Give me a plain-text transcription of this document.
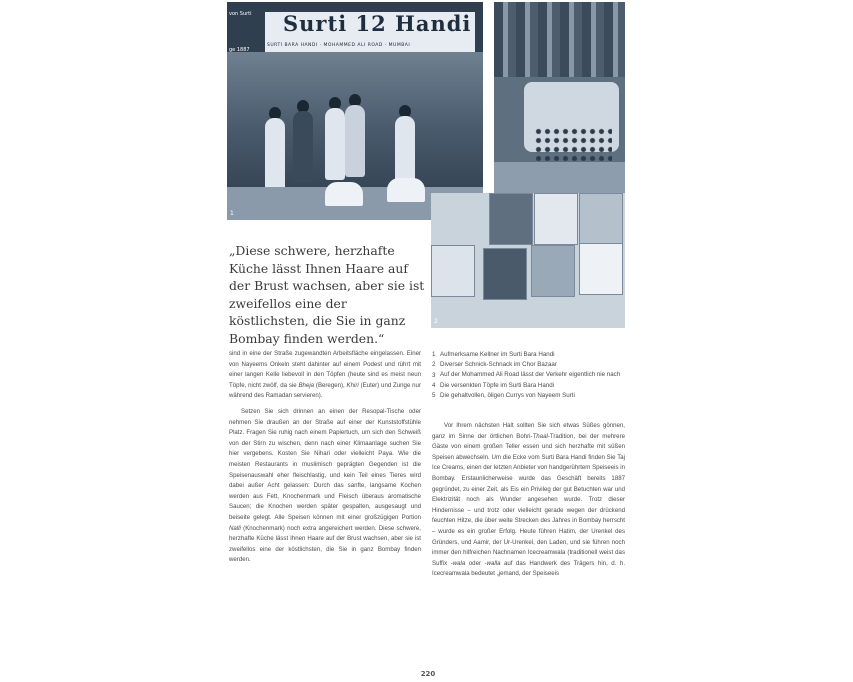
Surti 12 Handi
SURTI BARA HANDI · MOHAMMED ALI ROAD · MUMBAI
von Surti
ge 1887
1
2
„Diese schwere, herzhafte Küche lässt Ihnen Haare auf der Brust wachsen, aber sie ist zweifellos eine der köstlichsten, die Sie in ganz Bombay finden werden.“
1 Aufmerksame Kellner im Surti Bara Handi
2 Diverser Schnick-Schnack im Chor Bazaar
3 Auf der Mohammed Ali Road lässt der Verkehr eigentlich nie nach
4 Die versenkten Töpfe im Surti Bara Handi
5 Die gehaltvollen, öligen Currys von Nayeem Surti

sind in eine der Straße zugewandten Arbeitsfläche eingelassen. Einer von Nayeems Onkeln steht dahinter auf einem Podest und rührt mit einer langen Kelle liebevoll in den Töpfen (heute sind es meist neun Töpfe, nicht zwölf, da sie Bheja (Beregen), Khiri (Euter) und Zunge nur während des Ramadan servieren).

Setzen Sie sich drinnen an einen der Resopal-Tische oder nehmen Sie draußen an der Straße auf einer der Kunststoffstühle Platz. Fragen Sie ruhig nach einem Papiertuch, um sich den Schweiß von der Stirn zu wischen, denn nach einer Klimaanlage suchen Sie hier vergebens. Kosten Sie Nihari oder vielleicht Paya. Wie die meisten Restaurants in muslimisch geprägten Gegenden ist die Speisenauswahl eher fleischlastig, und kein Teil eines Tieres wird dabei außer Acht gelassen: Durch das sanfte, langsame Kochen werden aus Fett, Knochenmark und Fleisch überaus aromatische Saucen; die Knochen werden später gespalten, ausgesaugt und beiseite gelegt. Alle Speisen können mit einer großzügigen Portion Nalli (Knochenmark) noch extra angereichert werden. Diese schwere, herzhafte Küche lässt Ihnen Haare auf der Brust wachsen, aber sie ist zweifellos eine der köstlichsten, die Sie in ganz Bombay finden werden.

Vor Ihrem nächsten Halt sollten Sie sich etwas Süßes gönnen, ganz im Sinne der örtlichen Bohri-Thaal-Tradition, bei der mehrere Gäste von einem großen Teller essen und sich herzhafte mit süßen Speisen abwechseln. Um die Ecke vom Surti Bara Handi finden Sie Taj Ice Creams, einen der letzten Anbieter von handgerührtem Speiseeis in Bombay. Erstaunlicherweise wurde das Geschäft bereits 1887 gegründet, zu einer Zeit, als Eis ein Privileg der gut Betuchten war und Elektrizität noch als Wunder angesehen wurde. Trotz dieser Hindernisse – und trotz oder vielleicht gerade wegen der drückend feuchten Hitze, die über weite Strecken des Jahres in Bombay herrscht – wurde es ein großer Erfolg. Heute führen Hatim, der Urenkel des Gründers, und Aamir, der Ur-Urenkel, den Laden, und sie führen noch immer den hilfreichen Nachnamen Icecreamwala (traditionell weist das Suffix -wala oder -walla auf das Handwerk des Trägers hin, d. h. Icecreamwala bedeutet „jemand, der Speiseeis

220
